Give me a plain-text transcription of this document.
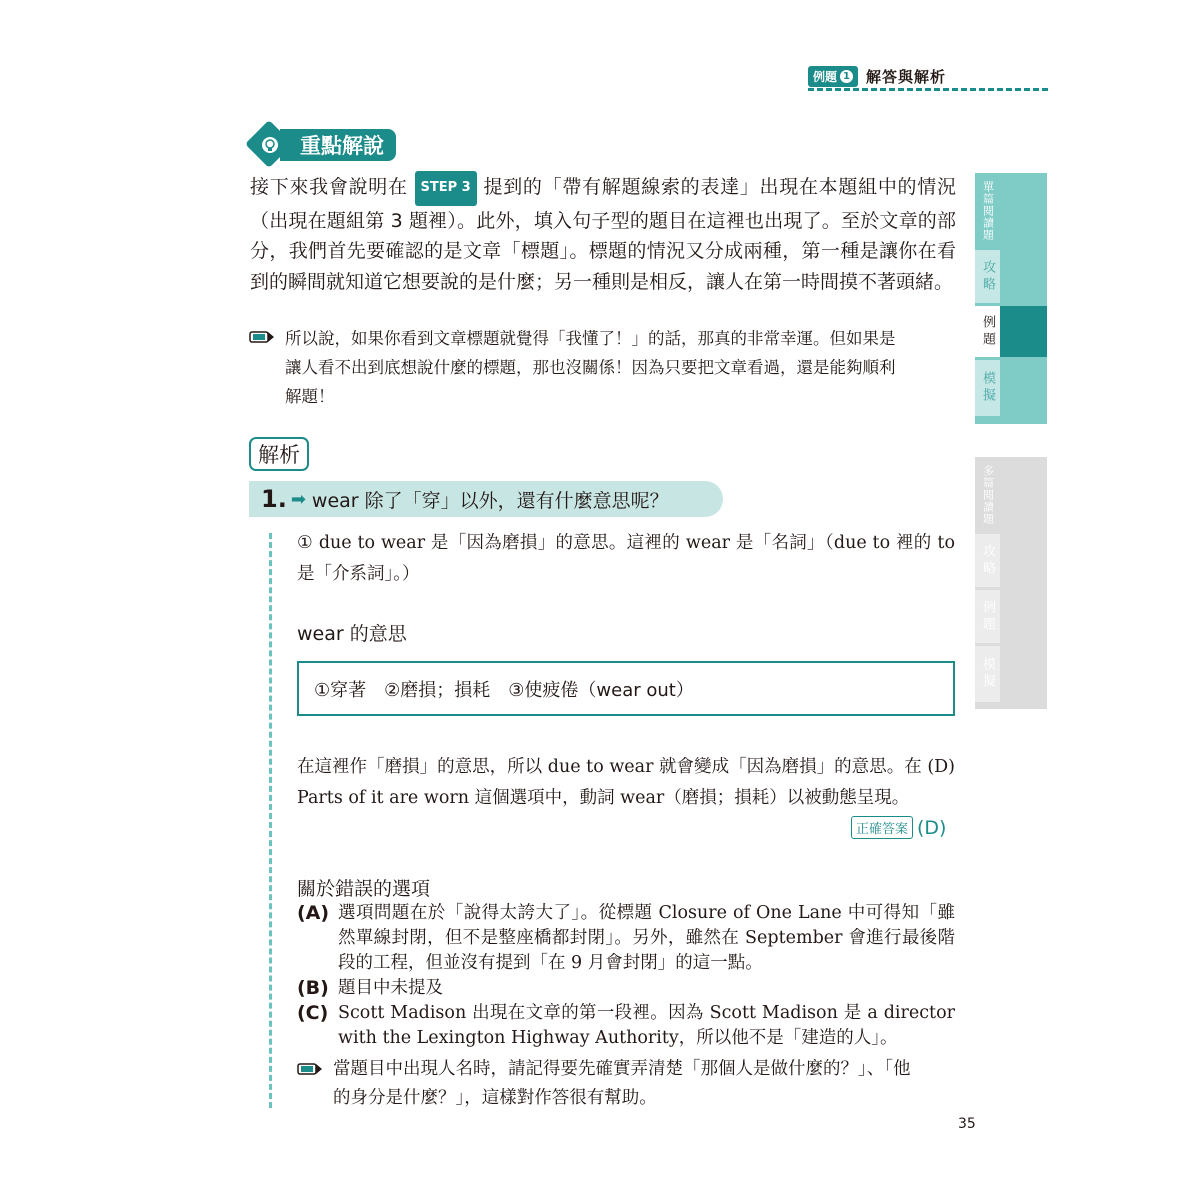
例題 1 解答與解析
重點解說
接下來我會說明在 STEP 3 提到的「帶有解題線索的表達」出現在本題組中的情況（出現在題組第 3 題裡）。此外，填入句子型的題目在這裡也出現了。至於文章的部分，我們首先要確認的是文章「標題」。標題的情況又分成兩種，第一種是讓你在看到的瞬間就知道它想要說的是什麼；另一種則是相反，讓人在第一時間摸不著頭緒。
所以說，如果你看到文章標題就覺得「我懂了！」的話，那真的非常幸運。但如果是
讓人看不出到底想說什麼的標題，那也沒關係！因為只要把文章看過，還是能夠順利
解題！
解析
1. ➡ wear 除了「穿」以外，還有什麼意思呢？
① due to wear 是「因為磨損」的意思。這裡的 wear 是「名詞」（due to 裡的 to 是「介系詞」。）
wear 的意思
①穿著　②磨損；損耗　③使疲倦（wear out）
在這裡作「磨損」的意思，所以 due to wear 就會變成「因為磨損」的意思。在 (D) Parts of it are worn 這個選項中，動詞 wear（磨損；損耗）以被動態呈現。
正確答案 (D)
關於錯誤的選項
(A) 選項問題在於「說得太誇大了」。從標題 Closure of One Lane 中可得知「雖然單線封閉，但不是整座橋都封閉」。另外，雖然在 September 會進行最後階段的工程，但並沒有提到「在 9 月會封閉」的這一點。
(B) 題目中未提及
(C) Scott Madison 出現在文章的第一段裡。因為 Scott Madison 是 a director with the Lexington Highway Authority，所以他不是「建造的人」。
當題目中出現人名時，請記得要先確實弄清楚「那個人是做什麼的？」、「他
的身分是什麼？」，這樣對作答很有幫助。
35
單篇閱讀題
攻略
例題
模擬
多篇閱讀題
攻略
例題
模擬
